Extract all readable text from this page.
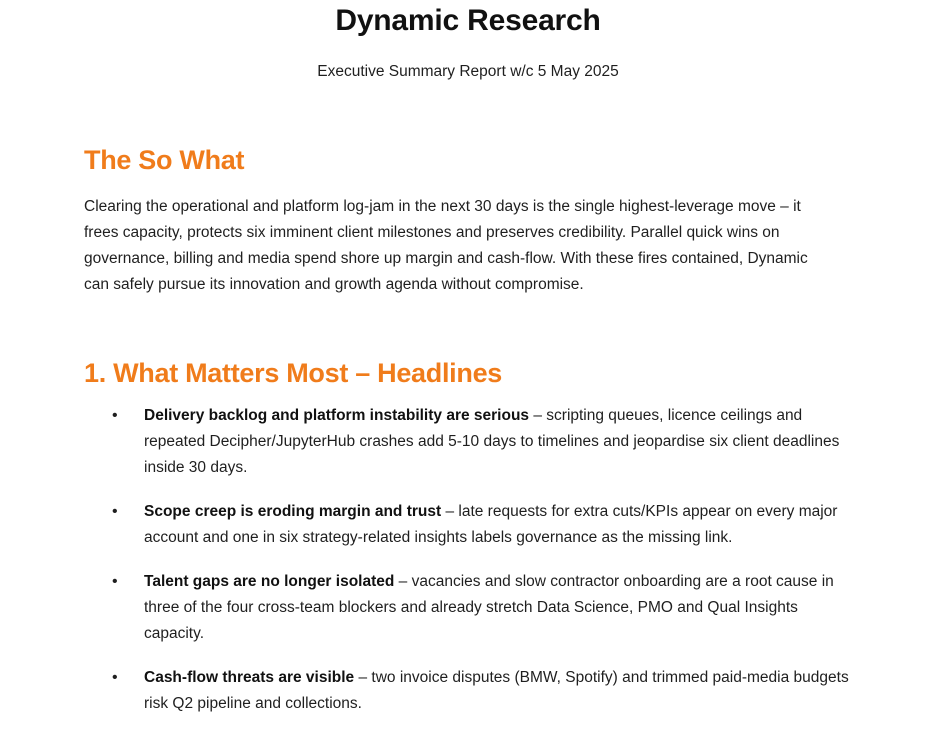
Dynamic Research

Executive Summary Report w/c 5 May 2025

The So What

Clearing the operational and platform log-jam in the next 30 days is the single highest-leverage move – it frees capacity, protects six imminent client milestones and preserves credibility. Parallel quick wins on governance, billing and media spend shore up margin and cash-flow. With these fires contained, Dynamic can safely pursue its innovation and growth agenda without compromise.

1. What Matters Most – Headlines
• Delivery backlog and platform instability are serious – scripting queues, licence ceilings and repeated Decipher/JupyterHub crashes add 5-10 days to timelines and jeopardise six client deadlines inside 30 days.
• Scope creep is eroding margin and trust – late requests for extra cuts/KPIs appear on every major account and one in six strategy-related insights labels governance as the missing link.
• Talent gaps are no longer isolated – vacancies and slow contractor onboarding are a root cause in three of the four cross-team blockers and already stretch Data Science, PMO and Qual Insights capacity.
• Cash-flow threats are visible – two invoice disputes (BMW, Spotify) and trimmed paid-media budgets risk Q2 pipeline and collections.
